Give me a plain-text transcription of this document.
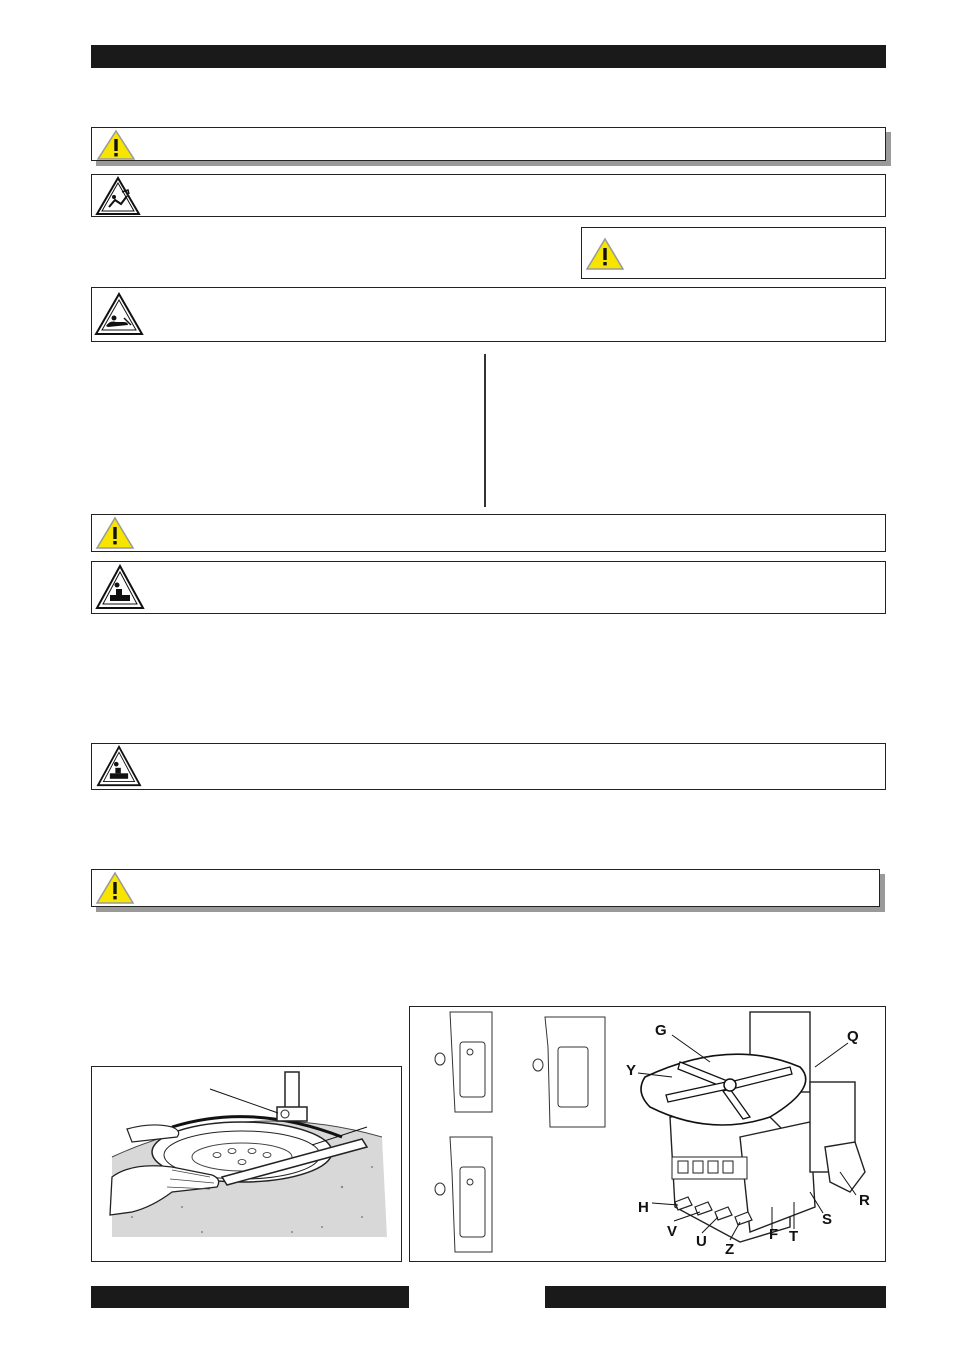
G	Q
Y
R
H
S
V	F T
U Z
